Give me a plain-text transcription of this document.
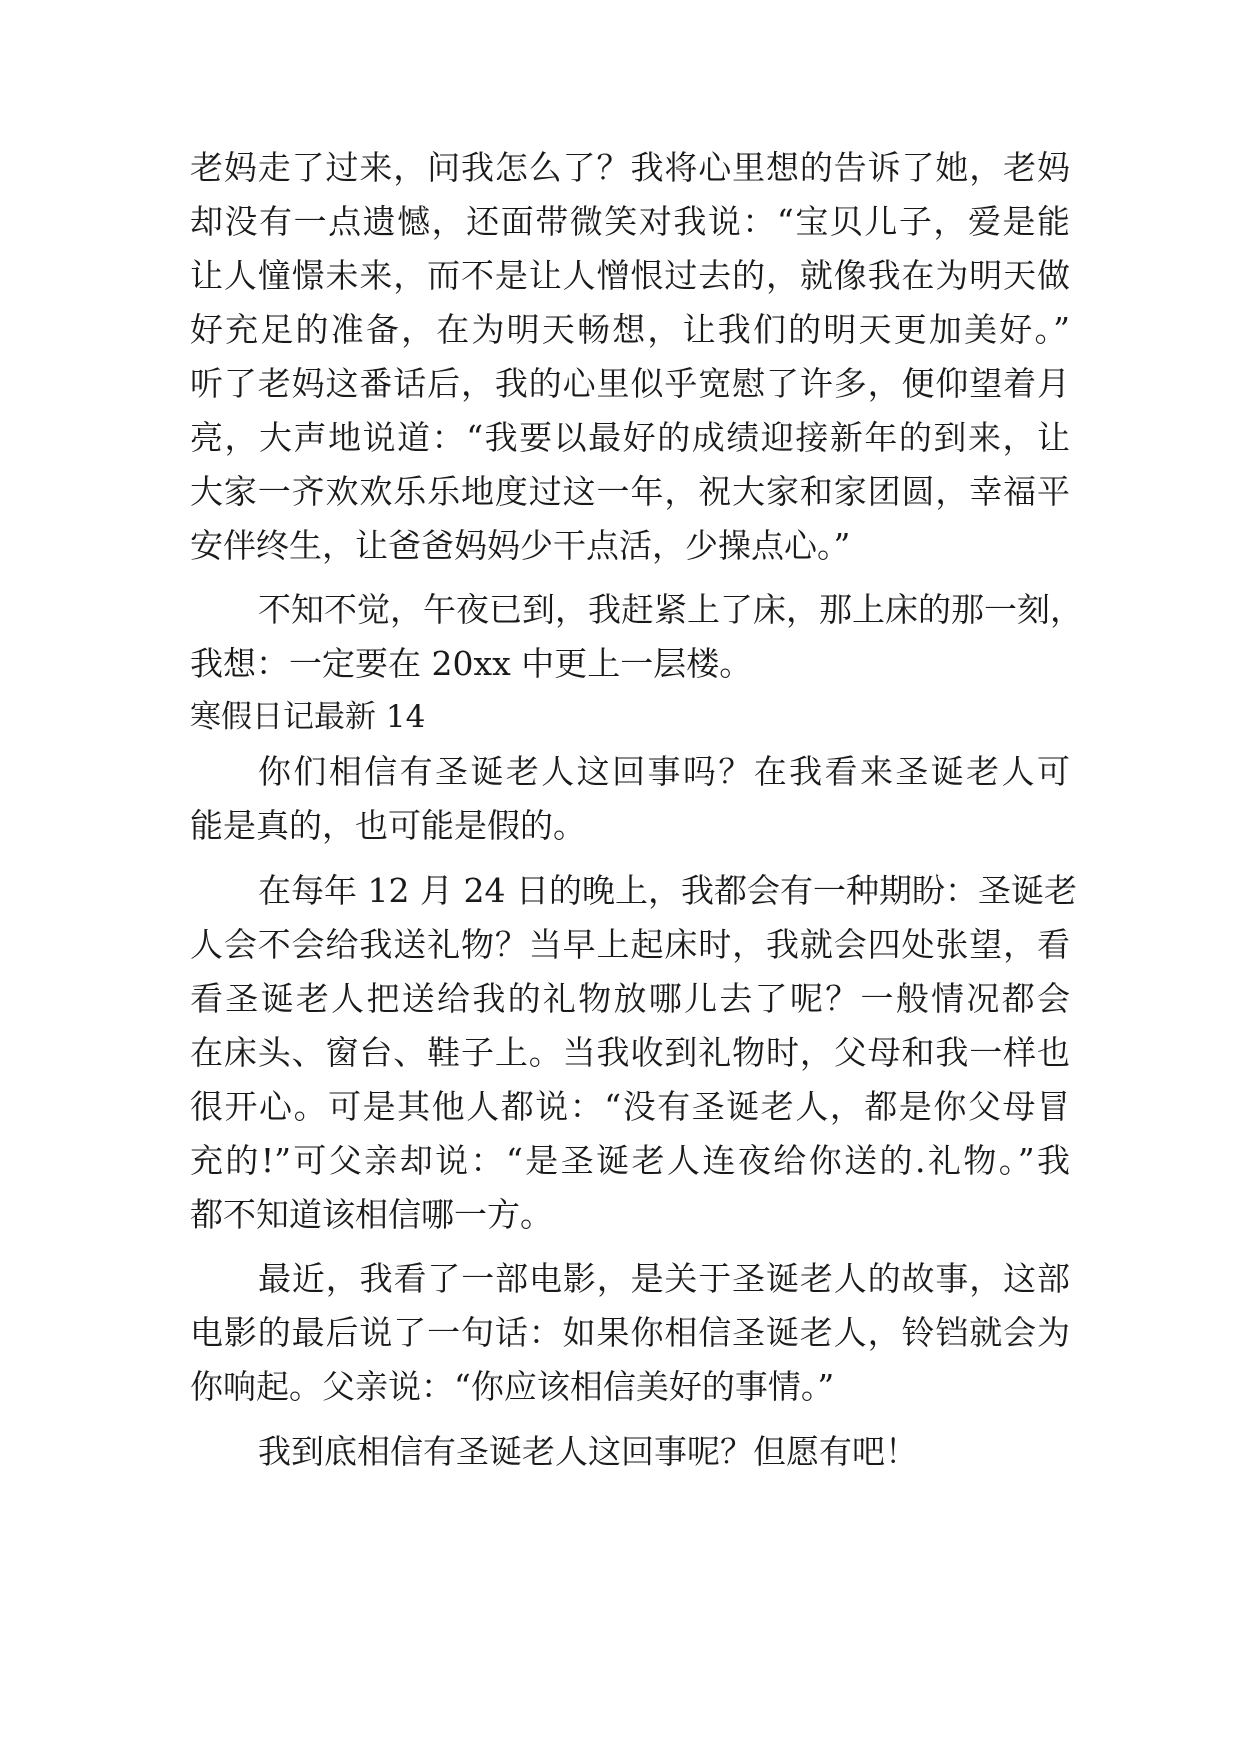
老妈走了过来，问我怎么了？我将心里想的告诉了她，老妈
却没有一点遗憾，还面带微笑对我说：“宝贝儿子，爱是能
让人憧憬未来，而不是让人憎恨过去的，就像我在为明天做
好充足的准备，在为明天畅想，让我们的明天更加美好。”
听了老妈这番话后，我的心里似乎宽慰了许多，便仰望着月
亮，大声地说道：“我要以最好的成绩迎接新年的到来，让
大家一齐欢欢乐乐地度过这一年，祝大家和家团圆，幸福平
安伴终生，让爸爸妈妈少干点活，少操点心。”
不知不觉，午夜已到，我赶紧上了床，那上床的那一刻，
我想：一定要在 20xx 中更上一层楼。
寒假日记最新 14
你们相信有圣诞老人这回事吗？在我看来圣诞老人可
能是真的，也可能是假的。
在每年 12 月 24 日的晚上，我都会有一种期盼：圣诞老
人会不会给我送礼物？当早上起床时，我就会四处张望，看
看圣诞老人把送给我的礼物放哪儿去了呢？一般情况都会
在床头、窗台、鞋子上。当我收到礼物时，父母和我一样也
很开心。可是其他人都说：“没有圣诞老人，都是你父母冒
充的!”可父亲却说：“是圣诞老人连夜给你送的.礼物。”我
都不知道该相信哪一方。
最近，我看了一部电影，是关于圣诞老人的故事，这部
电影的最后说了一句话：如果你相信圣诞老人，铃铛就会为
你响起。父亲说：“你应该相信美好的事情。”
我到底相信有圣诞老人这回事呢？但愿有吧！
